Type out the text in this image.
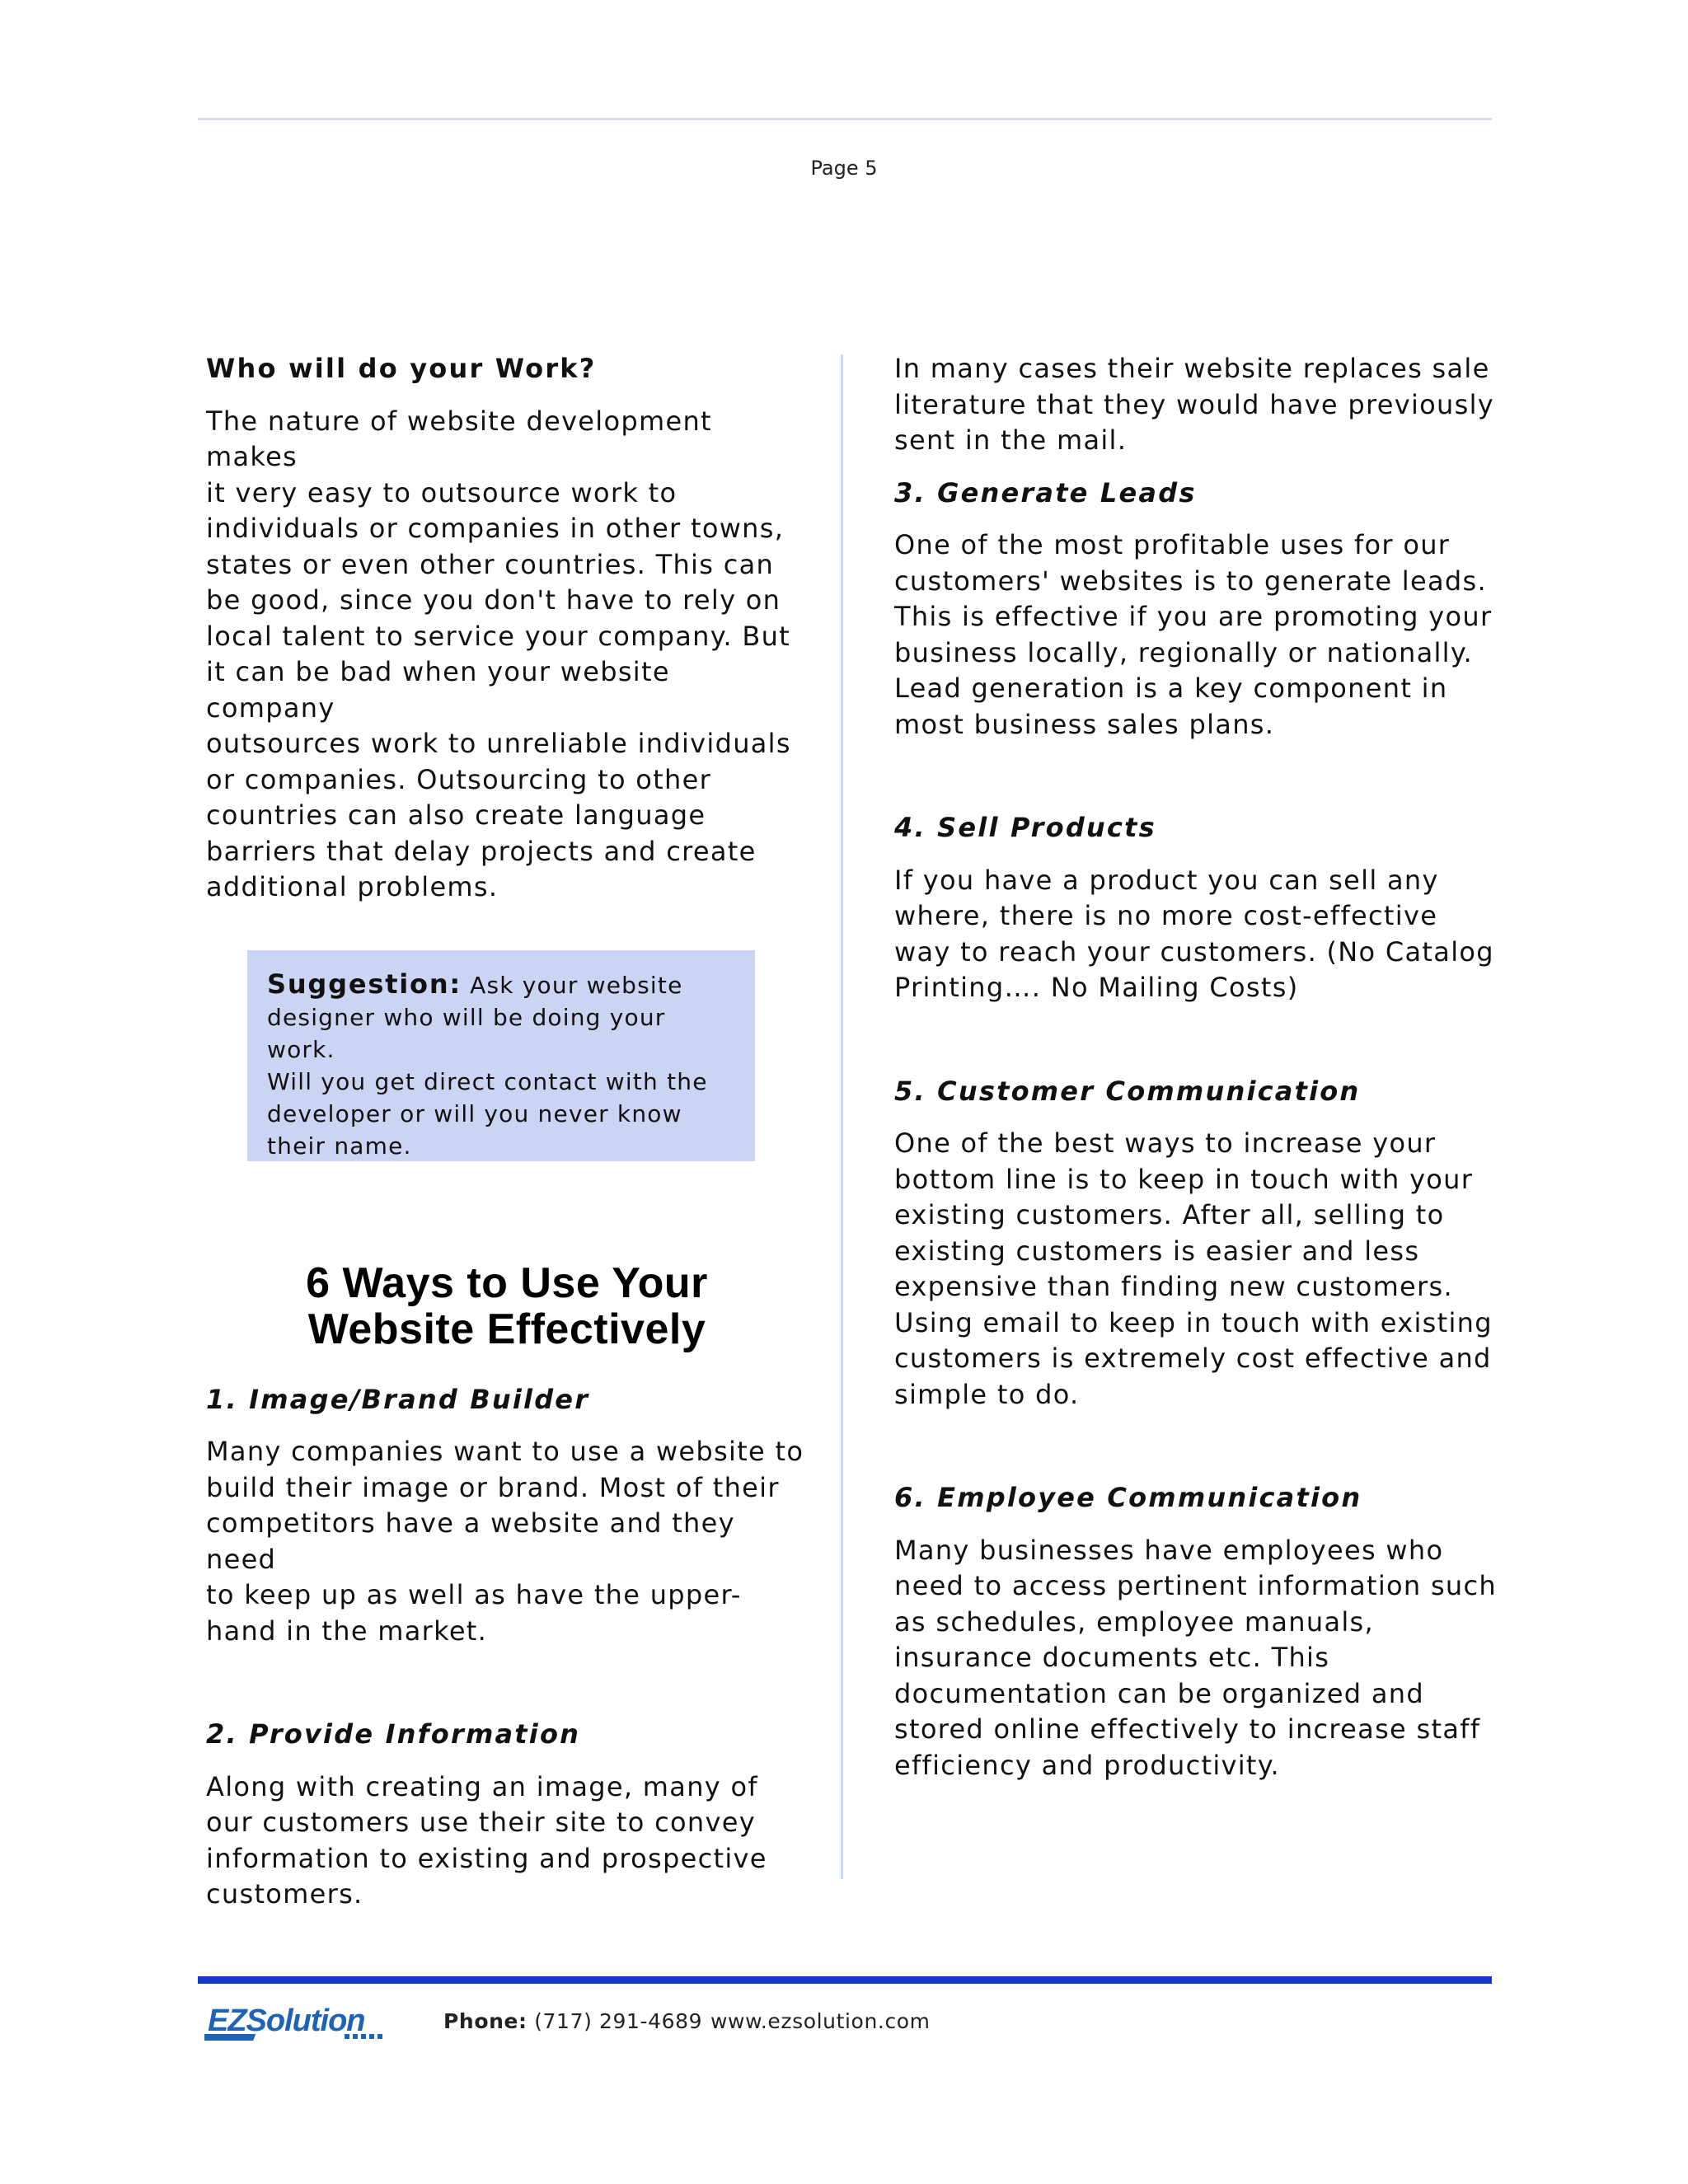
Page 5

Who will do your Work?

The nature of website development makes

it very easy to outsource work to

individuals or companies in other towns,

states or even other countries. This can

be good, since you don't have to rely on

local talent to service your company. But

it can be bad when your website company

outsources work to unreliable individuals

or companies. Outsourcing to other

countries can also create language

barriers that delay projects and create

additional problems.

Suggestion: Ask your website

designer who will be doing your work.

Will you get direct contact with the

developer or will you never know

their name.

6 Ways to Use Your
Website Effectively

1. Image/Brand Builder

Many companies want to use a website to

build their image or brand. Most of their

competitors have a website and they need

to keep up as well as have the upper-

hand in the market.

2. Provide Information

Along with creating an image, many of

our customers use their site to convey

information to existing and prospective

customers.

In many cases their website replaces sale

literature that they would have previously

sent in the mail.

3. Generate Leads

One of the most profitable uses for our

customers' websites is to generate leads.

This is effective if you are promoting your

business locally, regionally or nationally.

Lead generation is a key component in

most business sales plans.

4. Sell Products

If you have a product you can sell any

where, there is no more cost-effective

way to reach your customers. (No Catalog

Printing…. No Mailing Costs)

5. Customer Communication

One of the best ways to increase your

bottom line is to keep in touch with your

existing customers. After all, selling to

existing customers is easier and less

expensive than finding new customers.

Using email to keep in touch with existing

customers is extremely cost effective and

simple to do.

6. Employee Communication

Many businesses have employees who

need to access pertinent information such

as schedules, employee manuals,

insurance documents etc. This

documentation can be organized and

stored online effectively to increase staff

efficiency and productivity.

EZSolution	Phone: (717) 291-4689 www.ezsolution.com
